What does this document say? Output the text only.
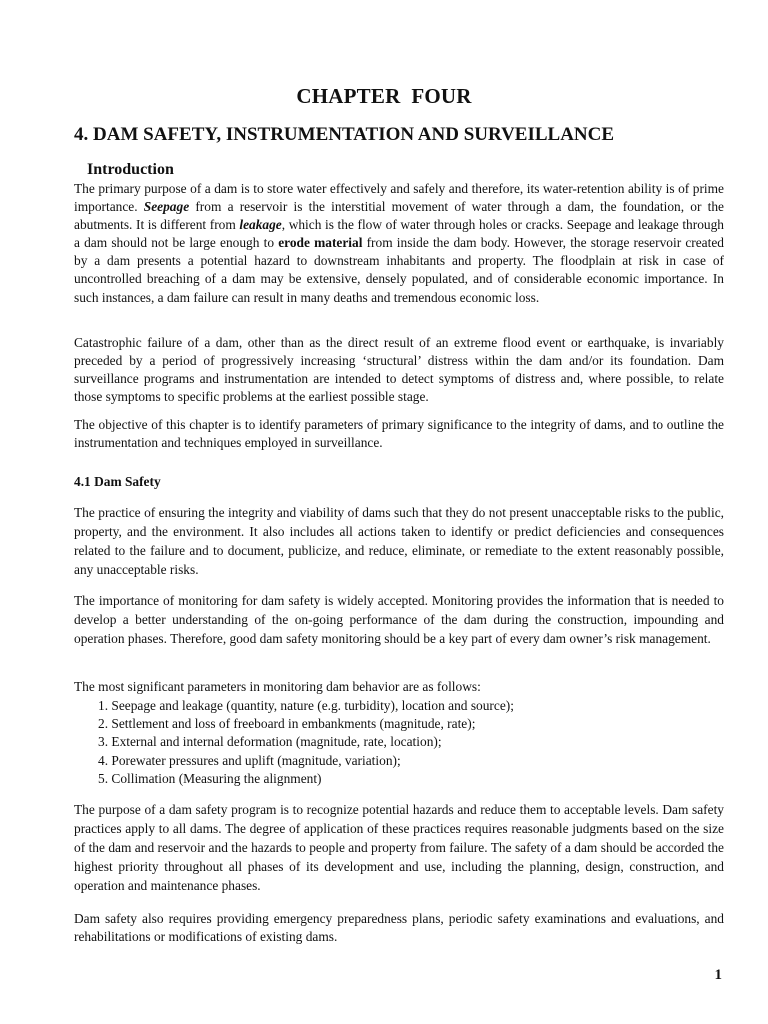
CHAPTER  FOUR
4. DAM SAFETY, INSTRUMENTATION AND SURVEILLANCE
Introduction

The primary purpose of a dam is to store water effectively and safely and therefore, its water-retention ability is of prime importance. Seepage from a reservoir is the interstitial movement of water through a dam, the foundation, or the abutments. It is different from leakage, which is the flow of water through holes or cracks. Seepage and leakage through a dam should not be large enough to erode material from inside the dam body. However, the storage reservoir created by a dam presents a potential hazard to downstream inhabitants and property. The floodplain at risk in case of uncontrolled breaching of a dam may be extensive, densely populated, and of considerable economic importance. In such instances, a dam failure can result in many deaths and tremendous economic loss.

Catastrophic failure of a dam, other than as the direct result of an extreme flood event or earthquake, is invariably preceded by a period of progressively increasing ‘structural’ distress within the dam and/or its foundation. Dam surveillance programs and instrumentation are intended to detect symptoms of distress and, where possible, to relate those symptoms to specific problems at the earliest possible stage.

The objective of this chapter is to identify parameters of primary significance to the integrity of dams, and to outline the instrumentation and techniques employed in surveillance.

4.1 Dam Safety

The practice of ensuring the integrity and viability of dams such that they do not present unacceptable risks to the public, property, and the environment. It also includes all actions taken to identify or predict deficiencies and consequences related to the failure and to document, publicize, and reduce, eliminate, or remediate to the extent reasonably possible, any unacceptable risks.

The importance of monitoring for dam safety is widely accepted. Monitoring provides the information that is needed to develop a better understanding of the on-going performance of the dam during the construction, impounding and operation phases. Therefore, good dam safety monitoring should be a key part of every dam owner’s risk management.

The most significant parameters in monitoring dam behavior are as follows:

1. Seepage and leakage (quantity, nature (e.g. turbidity), location and source);
2. Settlement and loss of freeboard in embankments (magnitude, rate);
3. External and internal deformation (magnitude, rate, location);
4. Porewater pressures and uplift (magnitude, variation);
5. Collimation (Measuring the alignment)

The purpose of a dam safety program is to recognize potential hazards and reduce them to acceptable levels. Dam safety practices apply to all dams. The degree of application of these practices requires reasonable judgments based on the size of the dam and reservoir and the hazards to people and property from failure. The safety of a dam should be accorded the highest priority throughout all phases of its development and use, including the planning, design, construction, and operation and maintenance phases.

Dam safety also requires providing emergency preparedness plans, periodic safety examinations and evaluations, and rehabilitations or modifications of existing dams.

1
